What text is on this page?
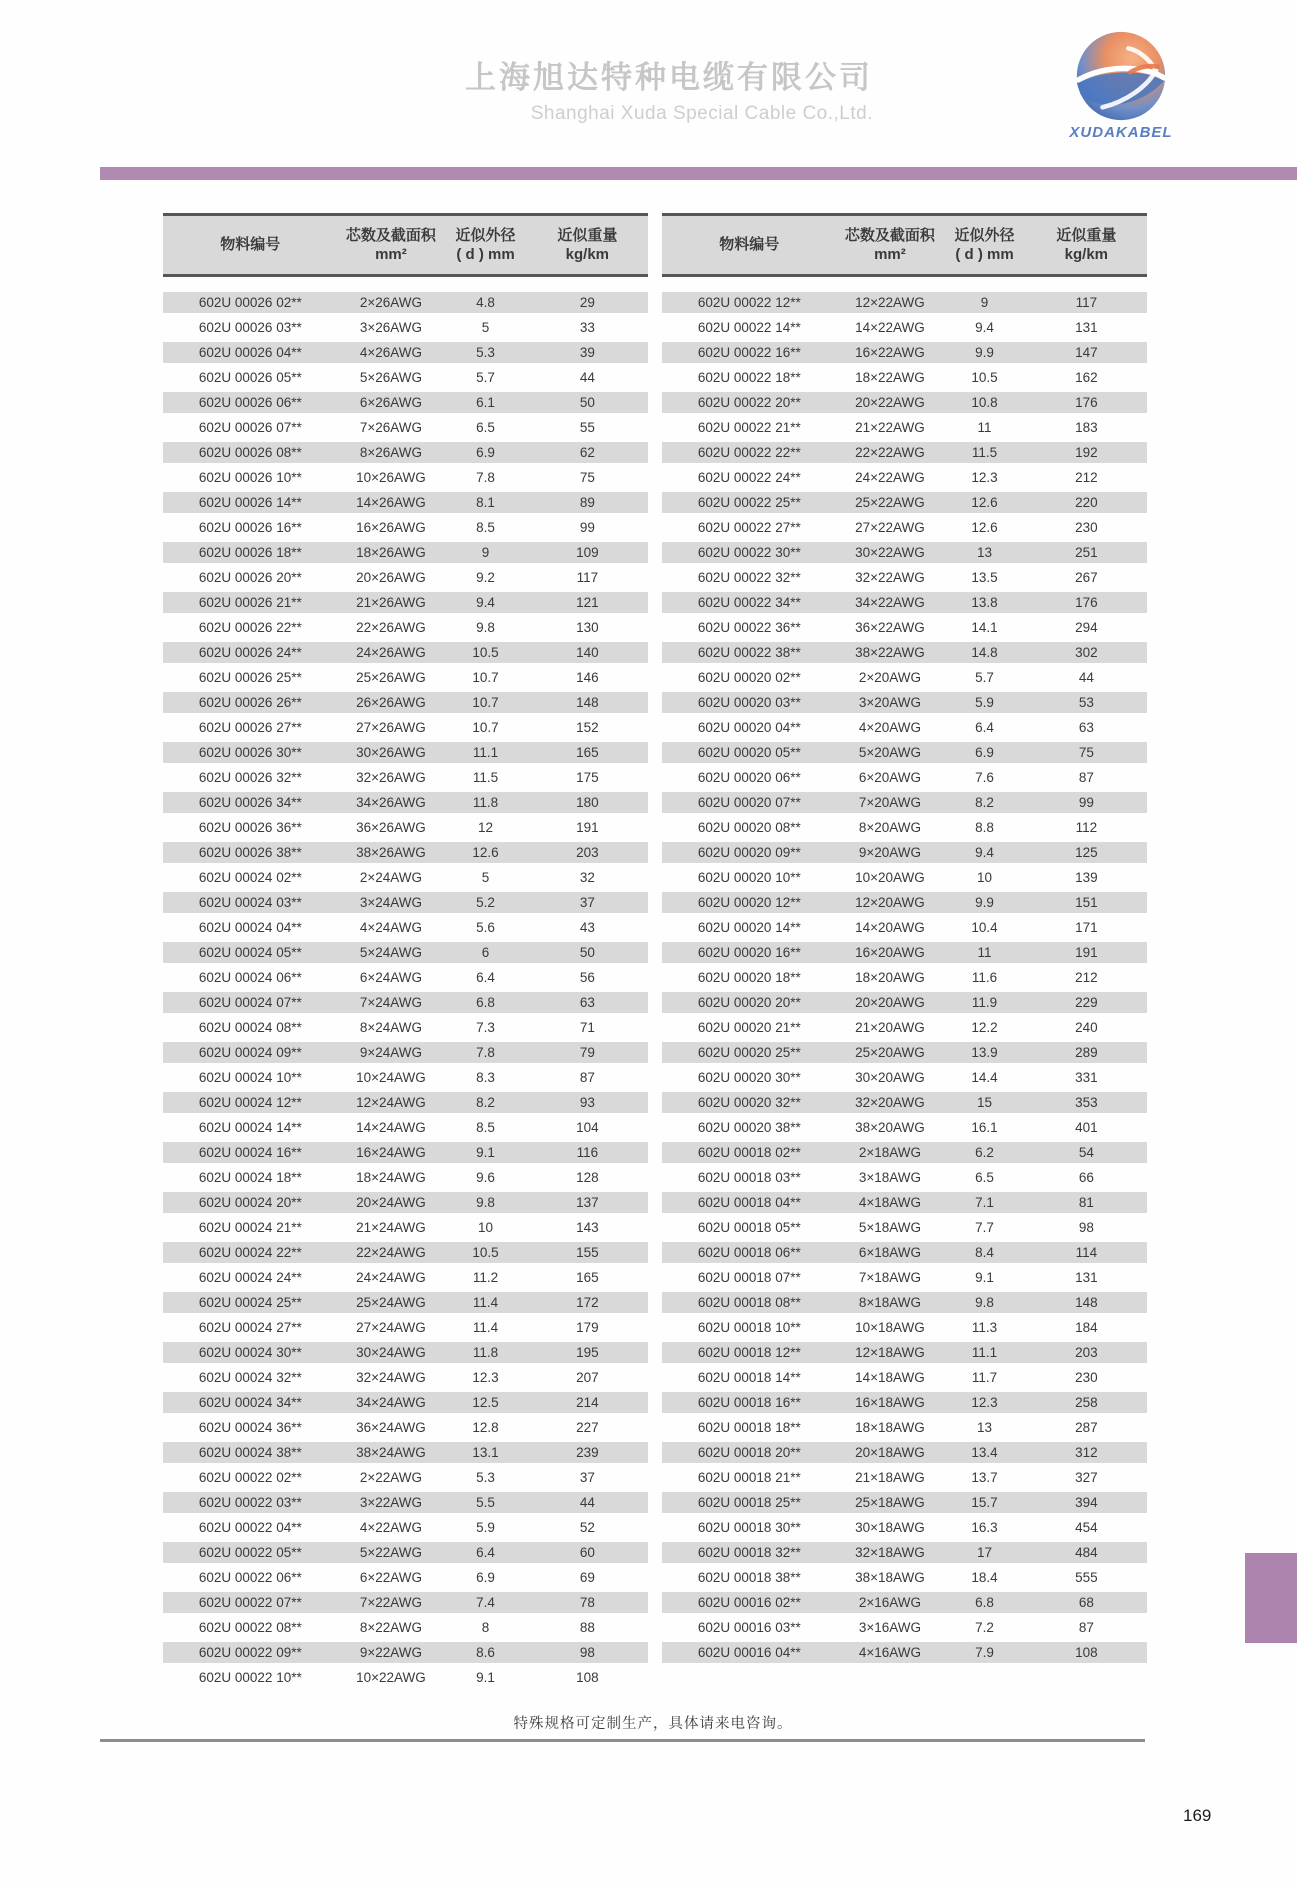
上海旭达特种电缆有限公司
Shanghai Xuda Special Cable Co.,Ltd.
XUDAKABEL
物料编号
芯数及截面积
mm²
近似外径
( d ) mm
近似重量
kg/km
602U 00026 02**	2×26AWG	4.8	29
602U 00026 03**	3×26AWG	5	33
602U 00026 04**	4×26AWG	5.3	39
602U 00026 05**	5×26AWG	5.7	44
602U 00026 06**	6×26AWG	6.1	50
602U 00026 07**	7×26AWG	6.5	55
602U 00026 08**	8×26AWG	6.9	62
602U 00026 10**	10×26AWG	7.8	75
602U 00026 14**	14×26AWG	8.1	89
602U 00026 16**	16×26AWG	8.5	99
602U 00026 18**	18×26AWG	9	109
602U 00026 20**	20×26AWG	9.2	117
602U 00026 21**	21×26AWG	9.4	121
602U 00026 22**	22×26AWG	9.8	130
602U 00026 24**	24×26AWG	10.5	140
602U 00026 25**	25×26AWG	10.7	146
602U 00026 26**	26×26AWG	10.7	148
602U 00026 27**	27×26AWG	10.7	152
602U 00026 30**	30×26AWG	11.1	165
602U 00026 32**	32×26AWG	11.5	175
602U 00026 34**	34×26AWG	11.8	180
602U 00026 36**	36×26AWG	12	191
602U 00026 38**	38×26AWG	12.6	203
602U 00024 02**	2×24AWG	5	32
602U 00024 03**	3×24AWG	5.2	37
602U 00024 04**	4×24AWG	5.6	43
602U 00024 05**	5×24AWG	6	50
602U 00024 06**	6×24AWG	6.4	56
602U 00024 07**	7×24AWG	6.8	63
602U 00024 08**	8×24AWG	7.3	71
602U 00024 09**	9×24AWG	7.8	79
602U 00024 10**	10×24AWG	8.3	87
602U 00024 12**	12×24AWG	8.2	93
602U 00024 14**	14×24AWG	8.5	104
602U 00024 16**	16×24AWG	9.1	116
602U 00024 18**	18×24AWG	9.6	128
602U 00024 20**	20×24AWG	9.8	137
602U 00024 21**	21×24AWG	10	143
602U 00024 22**	22×24AWG	10.5	155
602U 00024 24**	24×24AWG	11.2	165
602U 00024 25**	25×24AWG	11.4	172
602U 00024 27**	27×24AWG	11.4	179
602U 00024 30**	30×24AWG	11.8	195
602U 00024 32**	32×24AWG	12.3	207
602U 00024 34**	34×24AWG	12.5	214
602U 00024 36**	36×24AWG	12.8	227
602U 00024 38**	38×24AWG	13.1	239
602U 00022 02**	2×22AWG	5.3	37
602U 00022 03**	3×22AWG	5.5	44
602U 00022 04**	4×22AWG	5.9	52
602U 00022 05**	5×22AWG	6.4	60
602U 00022 06**	6×22AWG	6.9	69
602U 00022 07**	7×22AWG	7.4	78
602U 00022 08**	8×22AWG	8	88
602U 00022 09**	9×22AWG	8.6	98
602U 00022 10**	10×22AWG	9.1	108
物料编号
芯数及截面积
mm²
近似外径
( d ) mm
近似重量
kg/km
602U 00022 12**	12×22AWG	9	117
602U 00022 14**	14×22AWG	9.4	131
602U 00022 16**	16×22AWG	9.9	147
602U 00022 18**	18×22AWG	10.5	162
602U 00022 20**	20×22AWG	10.8	176
602U 00022 21**	21×22AWG	11	183
602U 00022 22**	22×22AWG	11.5	192
602U 00022 24**	24×22AWG	12.3	212
602U 00022 25**	25×22AWG	12.6	220
602U 00022 27**	27×22AWG	12.6	230
602U 00022 30**	30×22AWG	13	251
602U 00022 32**	32×22AWG	13.5	267
602U 00022 34**	34×22AWG	13.8	176
602U 00022 36**	36×22AWG	14.1	294
602U 00022 38**	38×22AWG	14.8	302
602U 00020 02**	2×20AWG	5.7	44
602U 00020 03**	3×20AWG	5.9	53
602U 00020 04**	4×20AWG	6.4	63
602U 00020 05**	5×20AWG	6.9	75
602U 00020 06**	6×20AWG	7.6	87
602U 00020 07**	7×20AWG	8.2	99
602U 00020 08**	8×20AWG	8.8	112
602U 00020 09**	9×20AWG	9.4	125
602U 00020 10**	10×20AWG	10	139
602U 00020 12**	12×20AWG	9.9	151
602U 00020 14**	14×20AWG	10.4	171
602U 00020 16**	16×20AWG	11	191
602U 00020 18**	18×20AWG	11.6	212
602U 00020 20**	20×20AWG	11.9	229
602U 00020 21**	21×20AWG	12.2	240
602U 00020 25**	25×20AWG	13.9	289
602U 00020 30**	30×20AWG	14.4	331
602U 00020 32**	32×20AWG	15	353
602U 00020 38**	38×20AWG	16.1	401
602U 00018 02**	2×18AWG	6.2	54
602U 00018 03**	3×18AWG	6.5	66
602U 00018 04**	4×18AWG	7.1	81
602U 00018 05**	5×18AWG	7.7	98
602U 00018 06**	6×18AWG	8.4	114
602U 00018 07**	7×18AWG	9.1	131
602U 00018 08**	8×18AWG	9.8	148
602U 00018 10**	10×18AWG	11.3	184
602U 00018 12**	12×18AWG	11.1	203
602U 00018 14**	14×18AWG	11.7	230
602U 00018 16**	16×18AWG	12.3	258
602U 00018 18**	18×18AWG	13	287
602U 00018 20**	20×18AWG	13.4	312
602U 00018 21**	21×18AWG	13.7	327
602U 00018 25**	25×18AWG	15.7	394
602U 00018 30**	30×18AWG	16.3	454
602U 00018 32**	32×18AWG	17	484
602U 00018 38**	38×18AWG	18.4	555
602U 00016 02**	2×16AWG	6.8	68
602U 00016 03**	3×16AWG	7.2	87
602U 00016 04**	4×16AWG	7.9	108
特殊规格可定制生产，具体请来电咨询。
169
